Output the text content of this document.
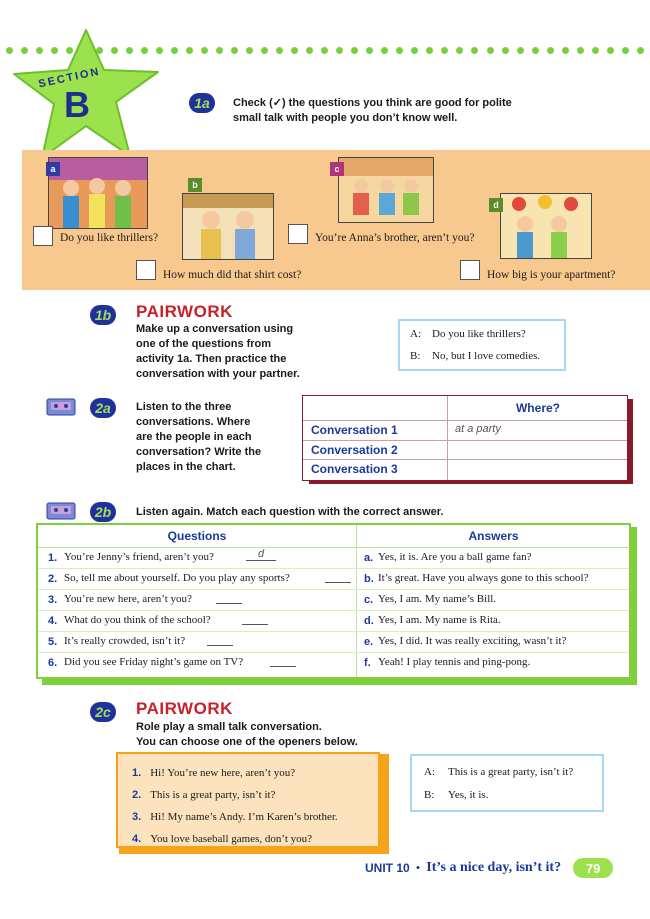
SECTION
B	1a	Check (✓) the questions you think are good for polite
small talk with people you don’t know well.
a
b
c
d
Do you like thrillers?
How much did that shirt cost?
You’re Anna’s brother, aren’t you?
How big is your apartment?
1b PAIRWORK
Make up a conversation using
one of the questions from
activity 1a. Then practice the
conversation with your partner.
A: Do you like thrillers?
B: No, but I love comedies.
2a	Listen to the three
conversations. Where
are the people in each
conversation? Write the
places in the chart.
Where?
Conversation 1	at a party
Conversation 2
Conversation 3
2b	Listen again. Match each question with the correct answer.
Questions	Answers
1. You’re Jenny’s friend, aren’t you?	d	a. Yes, it is. Are you a ball game fan?
2. So, tell me about yourself. Do you play any sports?	b. It’s great. Have you always gone to this school?
3. You’re new here, aren’t you?	c. Yes, I am. My name’s Bill.
4. What do you think of the school?	d. Yes, I am. My name is Rita.
5. It’s really crowded, isn’t it?	e. Yes, I did. It was really exciting, wasn’t it?
6. Did you see Friday night’s game on TV?	f. Yeah! I play tennis and ping-pong.
2c	PAIRWORK
Role play a small talk conversation.
You can choose one of the openers below.
1. Hi! You’re new here, aren’t you?
2. This is a great party, isn’t it?
3. Hi! My name’s Andy. I’m Karen’s brother.
4. You love baseball games, don’t you?
A: This is a great party, isn’t it?
B: Yes, it is.
UNIT 10 • It’s a nice day, isn’t it?	79
